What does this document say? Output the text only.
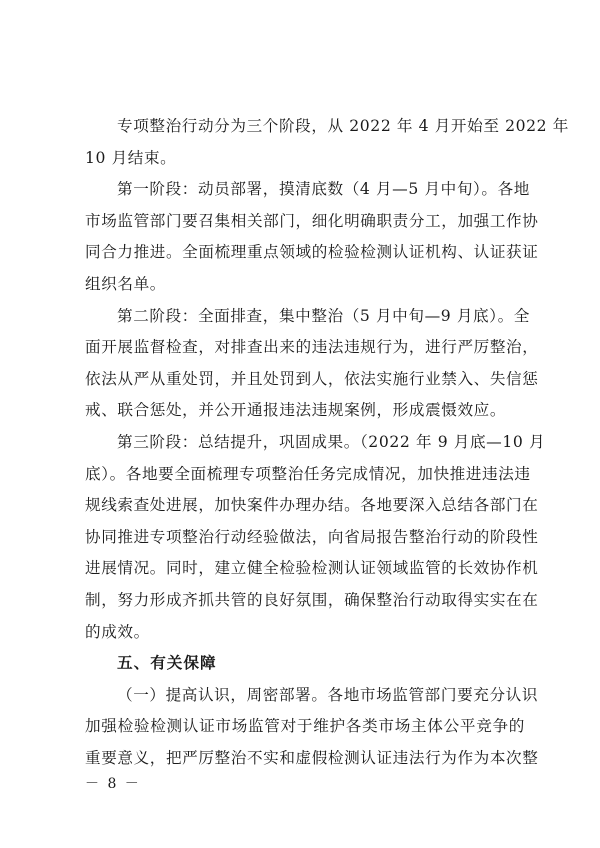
专项整治行动分为三个阶段，从 2022 年 4 月开始至 2022 年
10 月结束。
第一阶段：动员部署，摸清底数（4 月—5 月中旬）。各地
市场监管部门要召集相关部门，细化明确职责分工，加强工作协
同合力推进。全面梳理重点领域的检验检测认证机构、认证获证
组织名单。
第二阶段：全面排查，集中整治（5 月中旬—9 月底）。全
面开展监督检查，对排查出来的违法违规行为，进行严厉整治，
依法从严从重处罚，并且处罚到人，依法实施行业禁入、失信惩
戒、联合惩处，并公开通报违法违规案例，形成震慑效应。
第三阶段：总结提升，巩固成果。（2022 年 9 月底—10 月
底）。各地要全面梳理专项整治任务完成情况，加快推进违法违
规线索查处进展，加快案件办理办结。各地要深入总结各部门在
协同推进专项整治行动经验做法，向省局报告整治行动的阶段性
进展情况。同时，建立健全检验检测认证领域监管的长效协作机
制，努力形成齐抓共管的良好氛围，确保整治行动取得实实在在
的成效。
五、有关保障
（一）提高认识，周密部署。各地市场监管部门要充分认识
加强检验检测认证市场监管对于维护各类市场主体公平竞争的
重要意义，把严厉整治不实和虚假检测认证违法行为作为本次整
－ 8 －
